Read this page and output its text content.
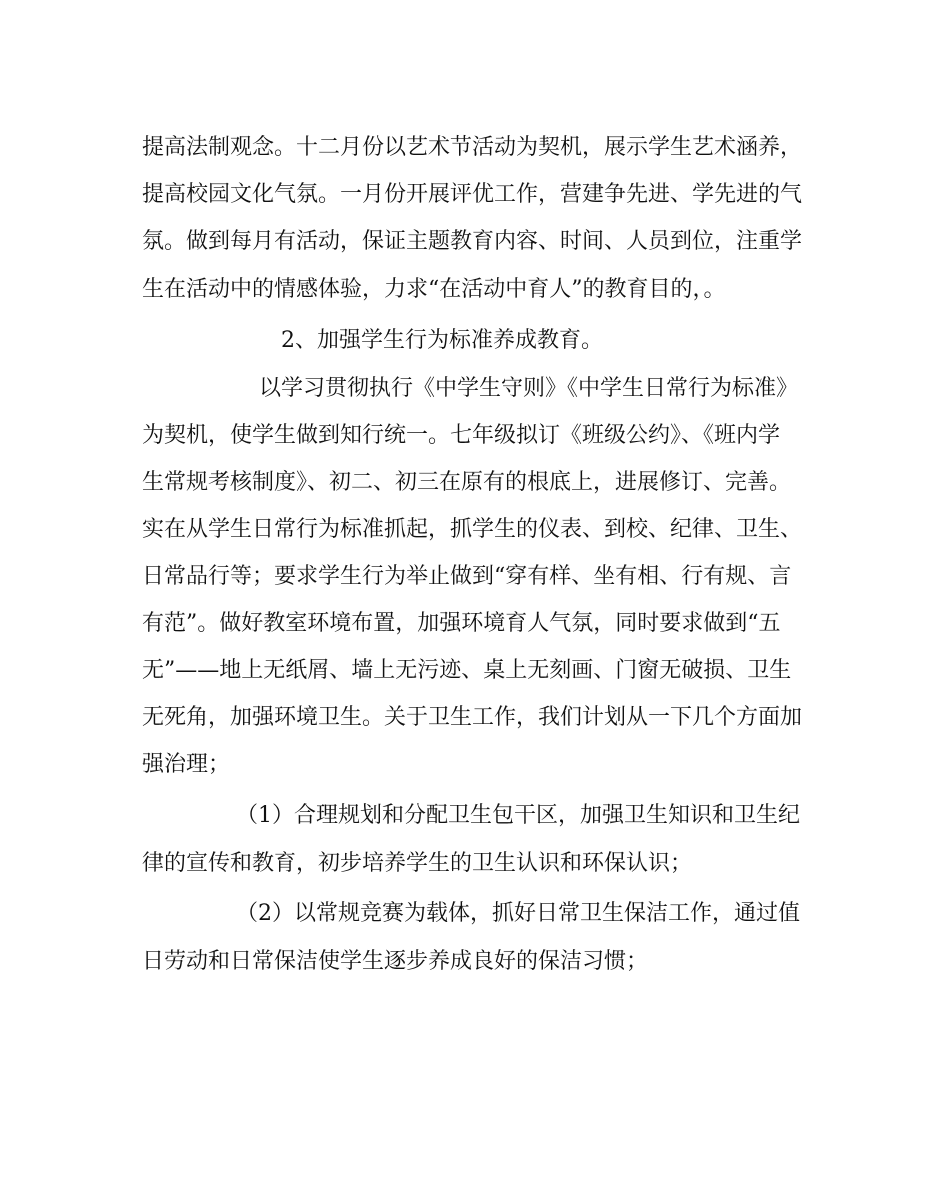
提高法制观念。十二月份以艺术节活动为契机，展示学生艺术涵养，
提高校园文化气氛。一月份开展评优工作，营建争先进、学先进的气
氛。做到每月有活动，保证主题教育内容、时间、人员到位，注重学
生在活动中的情感体验，力求“在活动中育人”的教育目的，。
2、加强学生行为标准养成教育。
以学习贯彻执行《中学生守则》《中学生日常行为标准》
为契机，使学生做到知行统一。七年级拟订《班级公约》、《班内学
生常规考核制度》、初二、初三在原有的根底上，进展修订、完善。
实在从学生日常行为标准抓起，抓学生的仪表、到校、纪律、卫生、
日常品行等；要求学生行为举止做到“穿有样、坐有相、行有规、言
有范”。做好教室环境布置，加强环境育人气氛，同时要求做到“五
无”——地上无纸屑、墙上无污迹、桌上无刻画、门窗无破损、卫生
无死角，加强环境卫生。关于卫生工作，我们计划从一下几个方面加
强治理；
（1）合理规划和分配卫生包干区，加强卫生知识和卫生纪
律的宣传和教育，初步培养学生的卫生认识和环保认识；
（2）以常规竞赛为载体，抓好日常卫生保洁工作，通过值
日劳动和日常保洁使学生逐步养成良好的保洁习惯；
